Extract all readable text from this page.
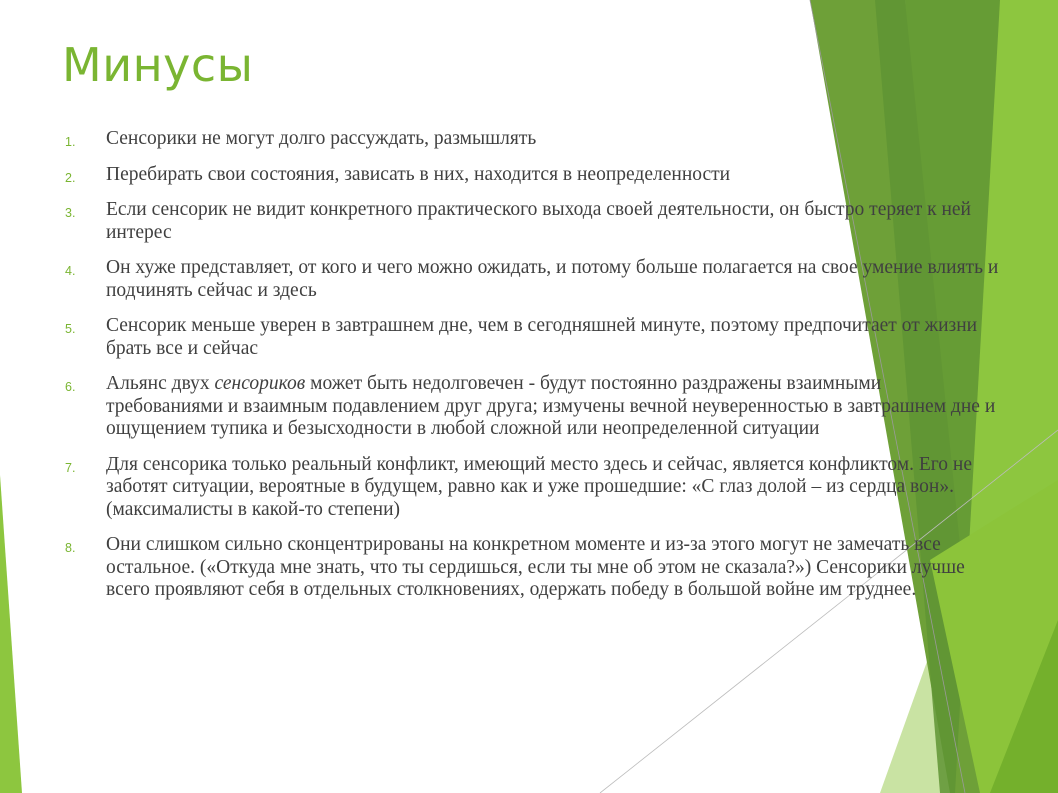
Минусы
1. Сенсорики не могут долго рассуждать, размышлять
2. Перебирать свои состояния, зависать в них, находится в неопределенности
3. Если сенсорик не видит конкретного практического выхода своей деятельности, он быстро теряет к ней интерес
4. Он хуже представляет, от кого и чего можно ожидать, и потому больше полагается на свое умение влиять и подчинять сейчас и здесь
5. Сенсорик меньше уверен в завтрашнем дне, чем в сегодняшней минуте, поэтому предпочитает от жизни брать все и сейчас
6. Альянс двух сенсориков может быть недолговечен - будут постоянно раздражены взаимными требованиями и взаимным подавлением друг друга; измучены вечной неуверенностью в завтрашнем дне и ощущением тупика и безысходности в любой сложной или неопределенной ситуации
7. Для сенсорика только реальный конфликт, имеющий место здесь и сейчас, является конфликтом. Его не заботят ситуации, вероятные в будущем, равно как и уже прошедшие: «С глаз долой – из сердца вон». (максималисты в какой-то степени)
8. Они слишком сильно сконцентрированы на конкретном моменте и из-за этого могут не замечать все остальное. («Откуда мне знать, что ты сердишься, если ты мне об этом не сказала?») Сенсорики лучше всего проявляют себя в отдельных столкновениях, одержать победу в большой войне им труднее.
